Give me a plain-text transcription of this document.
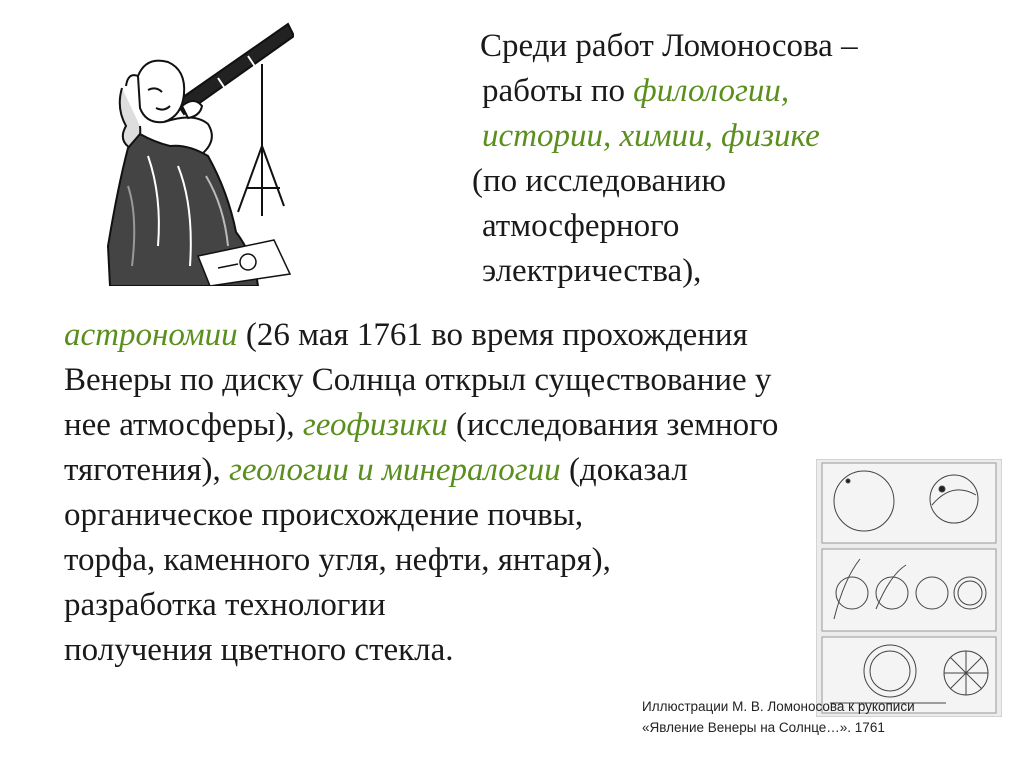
Среди работ Ломоносова –
работы по филологии,
истории, химии, физике
(по исследованию
атмосферного
электричества),
астрономии (26 мая 1761 во время прохождения
Венеры по диску Солнца открыл существование у
нее атмосферы), геофизики (исследования земного
тяготения), геологии и минералогии (доказал
органическое происхождение почвы,
торфа, каменного угля, нефти, янтаря),
разработка технологии
получения цветного стекла.
Иллюстрации М. В. Ломоносова к рукописи
«Явление Венеры на Солнце…». 1761
